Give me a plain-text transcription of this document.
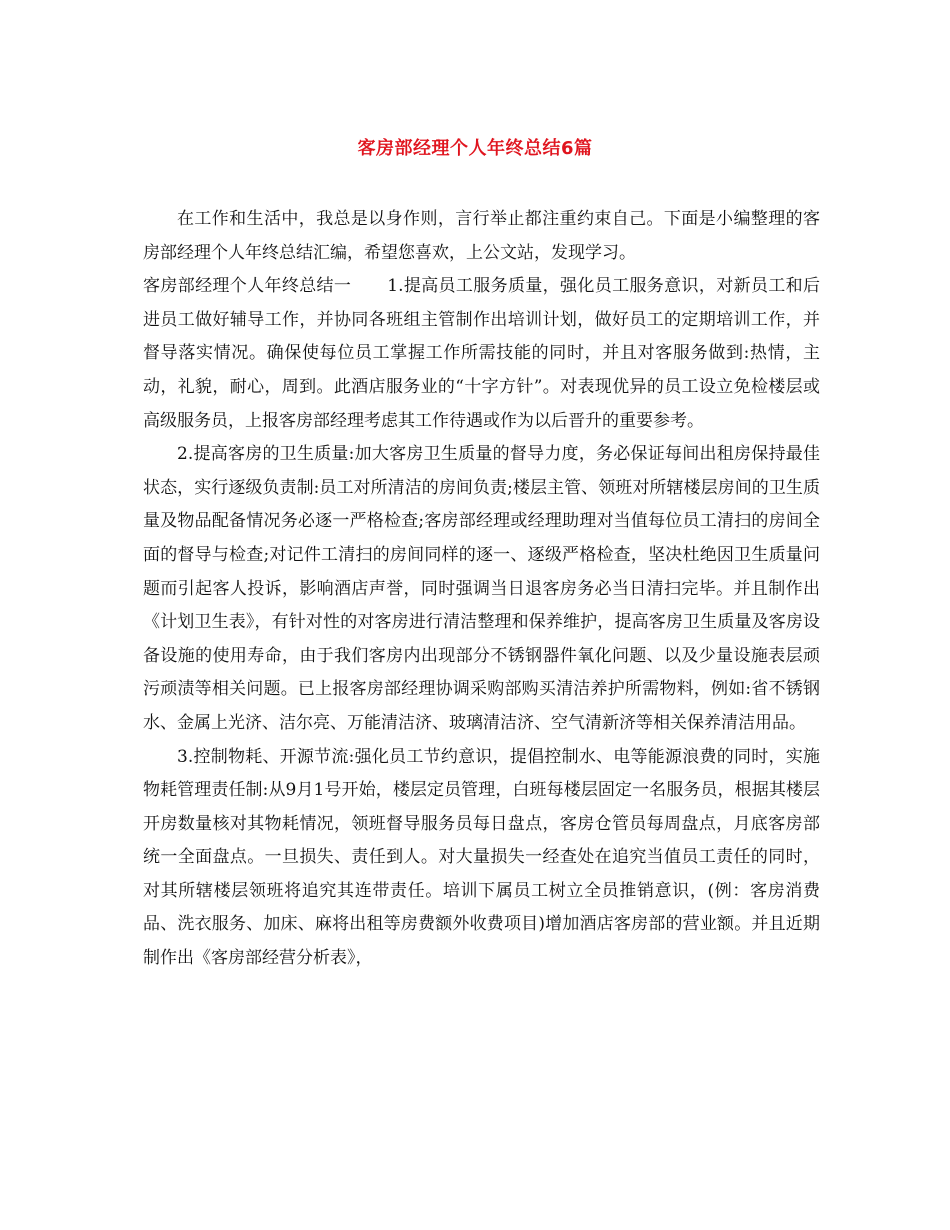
客房部经理个人年终总结6篇

在工作和生活中，我总是以身作则，言行举止都注重约束自己。下面是小编整理的客房部经理个人年终总结汇编，希望您喜欢，上公文站，发现学习。

客房部经理个人年终总结一 1.提高员工服务质量，强化员工服务意识，对新员工和后进员工做好辅导工作，并协同各班组主管制作出培训计划，做好员工的定期培训工作，并督导落实情况。确保使每位员工掌握工作所需技能的同时，并且对客服务做到:热情，主动，礼貌，耐心，周到。此酒店服务业的“十字方针”。对表现优异的员工设立免检楼层或高级服务员，上报客房部经理考虑其工作待遇或作为以后晋升的重要参考。

2.提高客房的卫生质量:加大客房卫生质量的督导力度，务必保证每间出租房保持最佳状态，实行逐级负责制:员工对所清洁的房间负责;楼层主管、领班对所辖楼层房间的卫生质量及物品配备情况务必逐一严格检查;客房部经理或经理助理对当值每位员工清扫的房间全面的督导与检查;对记件工清扫的房间同样的逐一、逐级严格检查，坚决杜绝因卫生质量问题而引起客人投诉，影响酒店声誉，同时强调当日退客房务必当日清扫完毕。并且制作出《计划卫生表》，有针对性的对客房进行清洁整理和保养维护，提高客房卫生质量及客房设备设施的使用寿命，由于我们客房内出现部分不锈钢器件氧化问题、以及少量设施表层顽污顽渍等相关问题。已上报客房部经理协调采购部购买清洁养护所需物料，例如:省不锈钢水、金属上光济、洁尔亮、万能清洁济、玻璃清洁济、空气清新济等相关保养清洁用品。

3.控制物耗、开源节流:强化员工节约意识，提倡控制水、电等能源浪费的同时，实施物耗管理责任制:从9月1号开始，楼层定员管理，白班每楼层固定一名服务员，根据其楼层开房数量核对其物耗情况，领班督导服务员每日盘点，客房仓管员每周盘点，月底客房部统一全面盘点。一旦损失、责任到人。对大量损失一经查处在追究当值员工责任的同时，对其所辖楼层领班将追究其连带责任。培训下属员工树立全员推销意识，(例：客房消费品、洗衣服务、加床、麻将出租等房费额外收费项目)增加酒店客房部的营业额。并且近期制作出《客房部经营分析表》，
